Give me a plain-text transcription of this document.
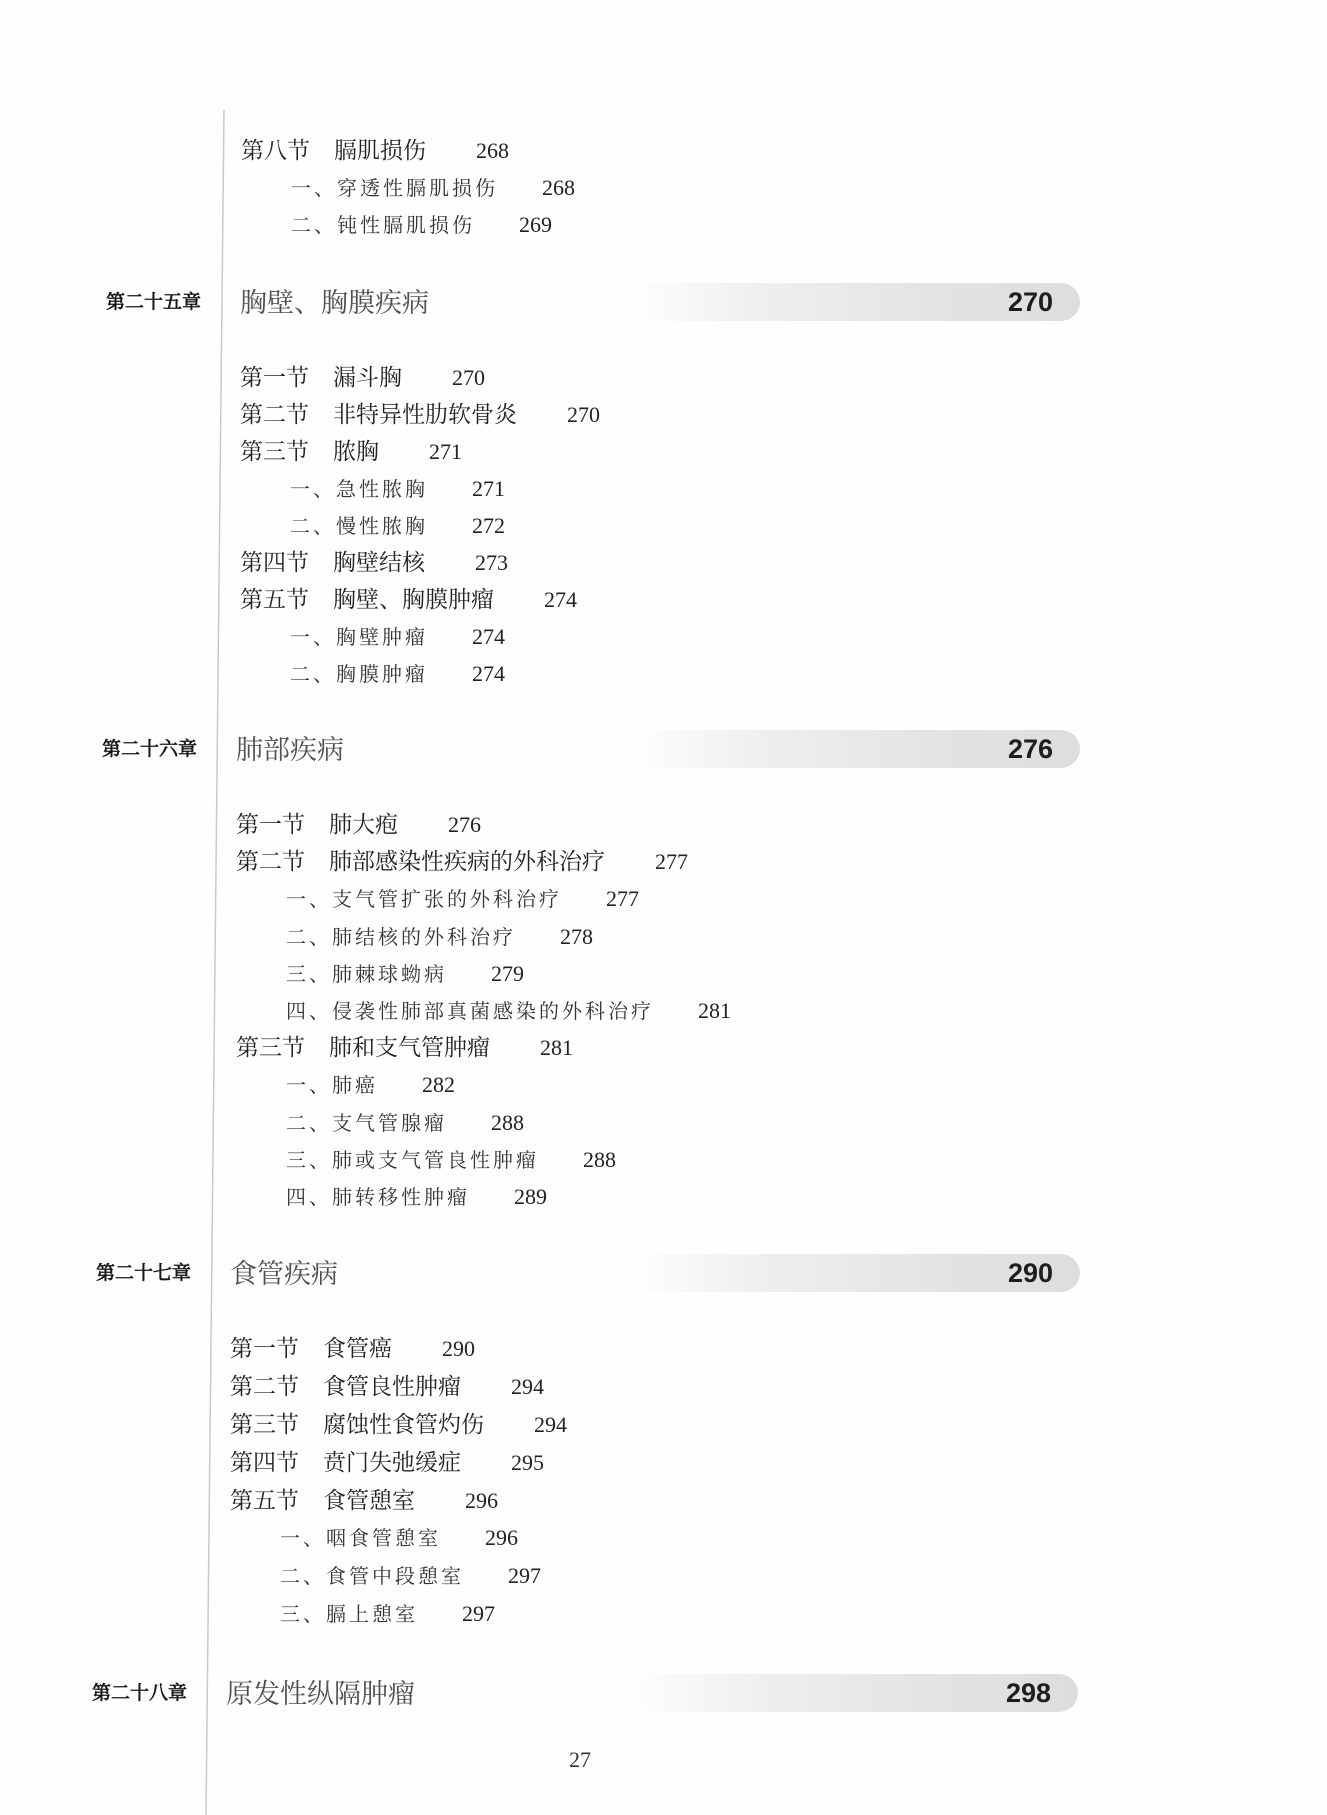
第八节 膈肌损伤 268
一、穿透性膈肌损伤 268
二、钝性膈肌损伤 269
第二十五章 胸壁、胸膜疾病	270
第一节 漏斗胸 270
第二节 非特异性肋软骨炎 270
第三节 脓胸 271
一、急性脓胸 271
二、慢性脓胸 272
第四节 胸壁结核 273
第五节 胸壁、胸膜肿瘤 274
一、胸壁肿瘤 274
二、胸膜肿瘤 274
第二十六章 肺部疾病	276
第一节 肺大疱 276
第二节 肺部感染性疾病的外科治疗 277
一、支气管扩张的外科治疗 277
二、肺结核的外科治疗 278
三、肺棘球蚴病 279
四、侵袭性肺部真菌感染的外科治疗 281
第三节 肺和支气管肿瘤 281
一、肺癌 282
二、支气管腺瘤 288
三、肺或支气管良性肿瘤 288
四、肺转移性肿瘤 289
第二十七章 食管疾病	290
第一节 食管癌 290
第二节 食管良性肿瘤 294
第三节 腐蚀性食管灼伤 294
第四节 贲门失弛缓症 295
第五节 食管憩室 296
一、咽食管憩室 296
二、食管中段憩室 297
三、膈上憩室 297
第二十八章 原发性纵隔肿瘤	298
27
